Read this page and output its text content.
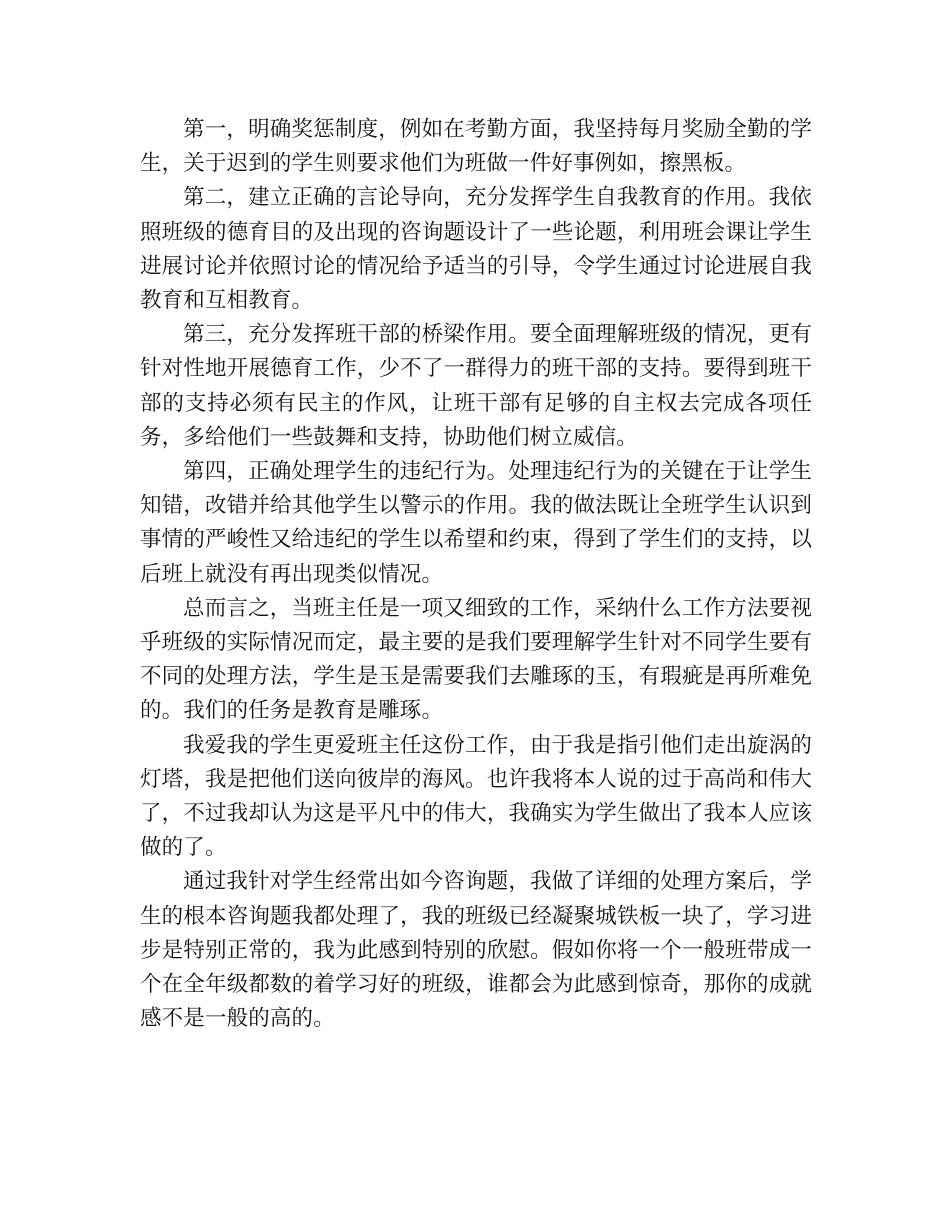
第一，明确奖惩制度，例如在考勤方面，我坚持每月奖励全勤的学生，关于迟到的学生则要求他们为班做一件好事例如，擦黑板。

第二，建立正确的言论导向，充分发挥学生自我教育的作用。我依照班级的德育目的及出现的咨询题设计了一些论题，利用班会课让学生进展讨论并依照讨论的情况给予适当的引导，令学生通过讨论进展自我教育和互相教育。

第三，充分发挥班干部的桥梁作用。要全面理解班级的情况，更有针对性地开展德育工作，少不了一群得力的班干部的支持。要得到班干部的支持必须有民主的作风，让班干部有足够的自主权去完成各项任务，多给他们一些鼓舞和支持，协助他们树立威信。

第四，正确处理学生的违纪行为。处理违纪行为的关键在于让学生知错，改错并给其他学生以警示的作用。我的做法既让全班学生认识到事情的严峻性又给违纪的学生以希望和约束，得到了学生们的支持，以后班上就没有再出现类似情况。

总而言之，当班主任是一项又细致的工作，采纳什么工作方法要视乎班级的实际情况而定，最主要的是我们要理解学生针对不同学生要有不同的处理方法，学生是玉是需要我们去雕琢的玉，有瑕疵是再所难免的。我们的任务是教育是雕琢。

我爱我的学生更爱班主任这份工作，由于我是指引他们走出旋涡的灯塔，我是把他们送向彼岸的海风。也许我将本人说的过于高尚和伟大了，不过我却认为这是平凡中的伟大，我确实为学生做出了我本人应该做的了。

通过我针对学生经常出如今咨询题，我做了详细的处理方案后，学生的根本咨询题我都处理了，我的班级已经凝聚城铁板一块了，学习进步是特别正常的，我为此感到特别的欣慰。假如你将一个一般班带成一个在全年级都数的着学习好的班级，谁都会为此感到惊奇，那你的成就感不是一般的高的。
